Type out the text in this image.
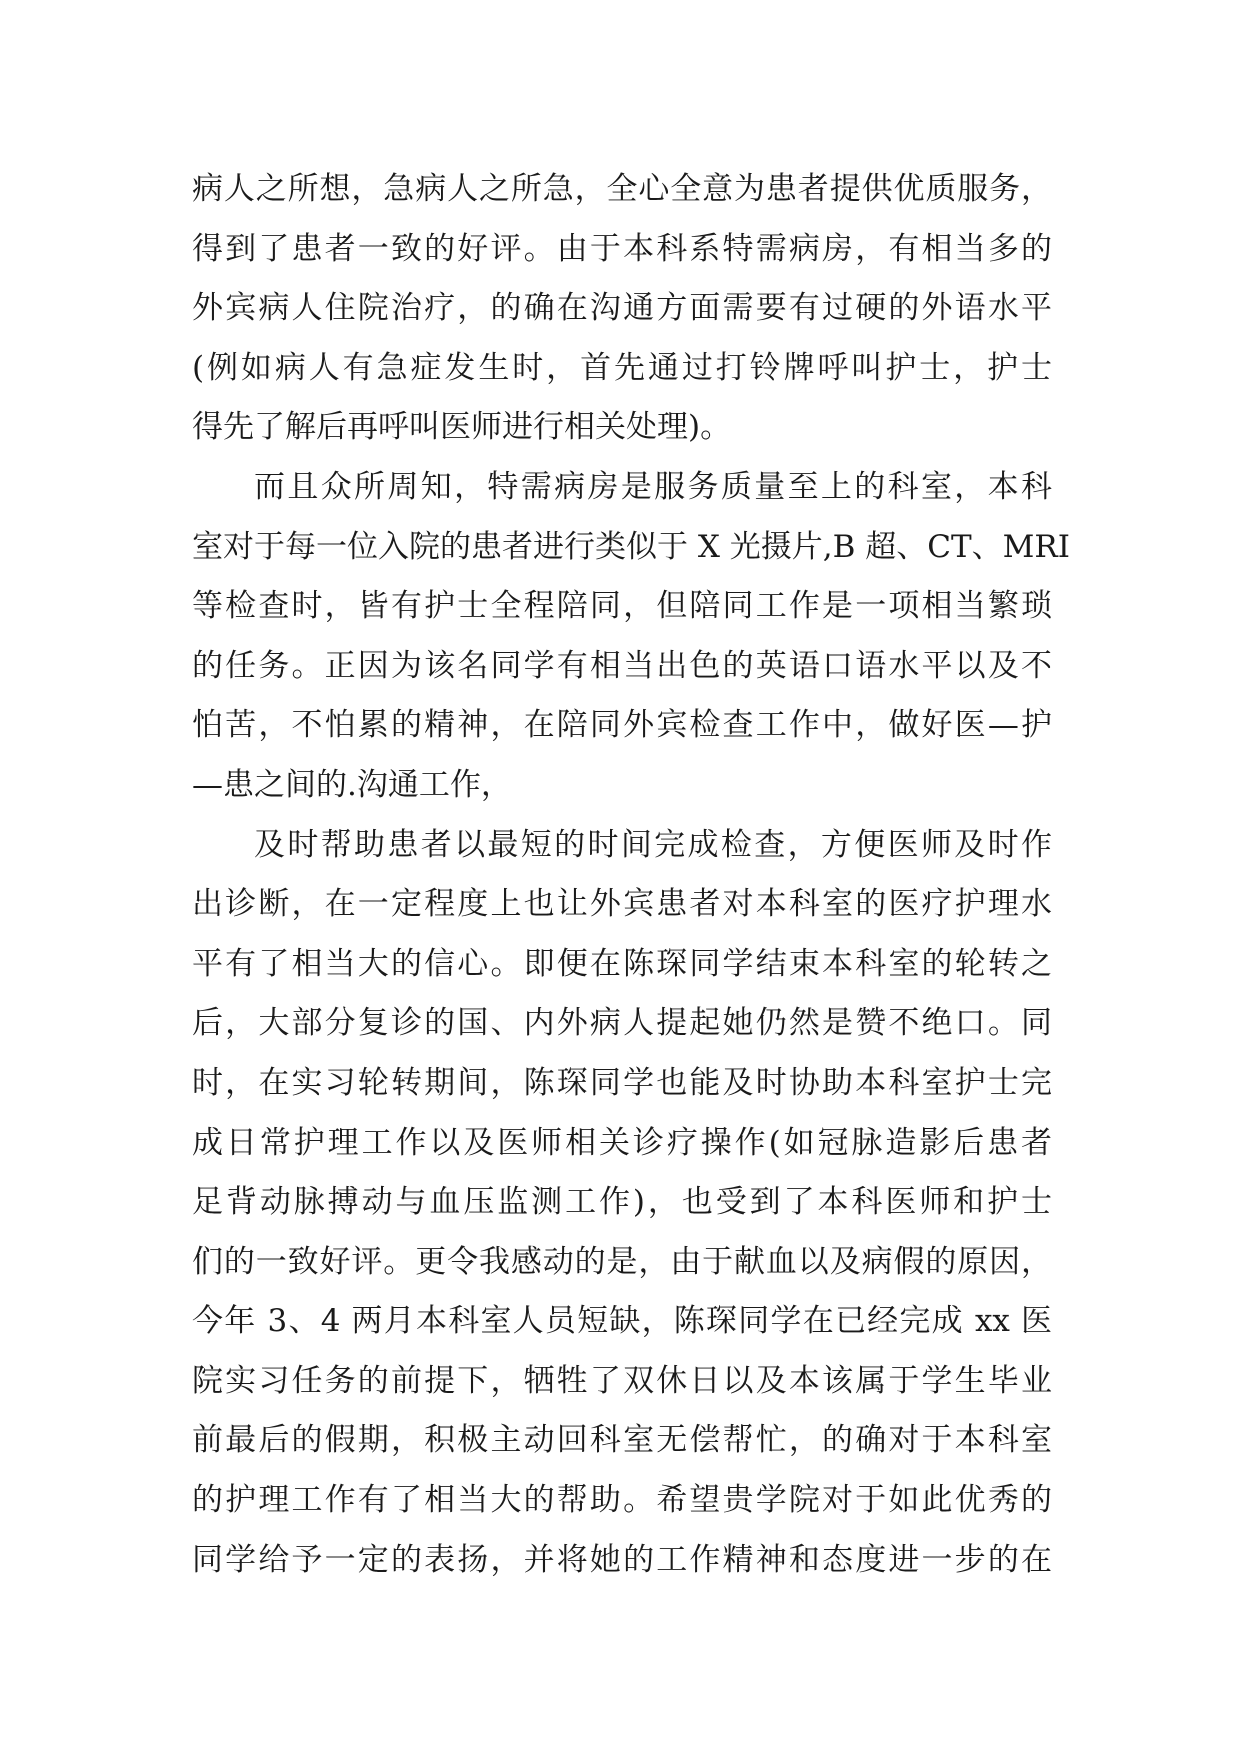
病人之所想，急病人之所急，全心全意为患者提供优质服务，
得到了患者一致的好评。由于本科系特需病房，有相当多的
外宾病人住院治疗，的确在沟通方面需要有过硬的外语水平
(例如病人有急症发生时，首先通过打铃牌呼叫护士，护士
得先了解后再呼叫医师进行相关处理)。
而且众所周知，特需病房是服务质量至上的科室，本科
室对于每一位入院的患者进行类似于 X 光摄片,B 超、CT、MRI
等检查时，皆有护士全程陪同，但陪同工作是一项相当繁琐
的任务。正因为该名同学有相当出色的英语口语水平以及不
怕苦，不怕累的精神，在陪同外宾检查工作中，做好医—护
—患之间的.沟通工作，
及时帮助患者以最短的时间完成检查，方便医师及时作
出诊断，在一定程度上也让外宾患者对本科室的医疗护理水
平有了相当大的信心。即便在陈琛同学结束本科室的轮转之
后，大部分复诊的国、内外病人提起她仍然是赞不绝口。同
时，在实习轮转期间，陈琛同学也能及时协助本科室护士完
成日常护理工作以及医师相关诊疗操作(如冠脉造影后患者
足背动脉搏动与血压监测工作)，也受到了本科医师和护士
们的一致好评。更令我感动的是，由于献血以及病假的原因，
今年 3、4 两月本科室人员短缺，陈琛同学在已经完成 xx 医
院实习任务的前提下，牺牲了双休日以及本该属于学生毕业
前最后的假期，积极主动回科室无偿帮忙，的确对于本科室
的护理工作有了相当大的帮助。希望贵学院对于如此优秀的
同学给予一定的表扬，并将她的工作精神和态度进一步的在
